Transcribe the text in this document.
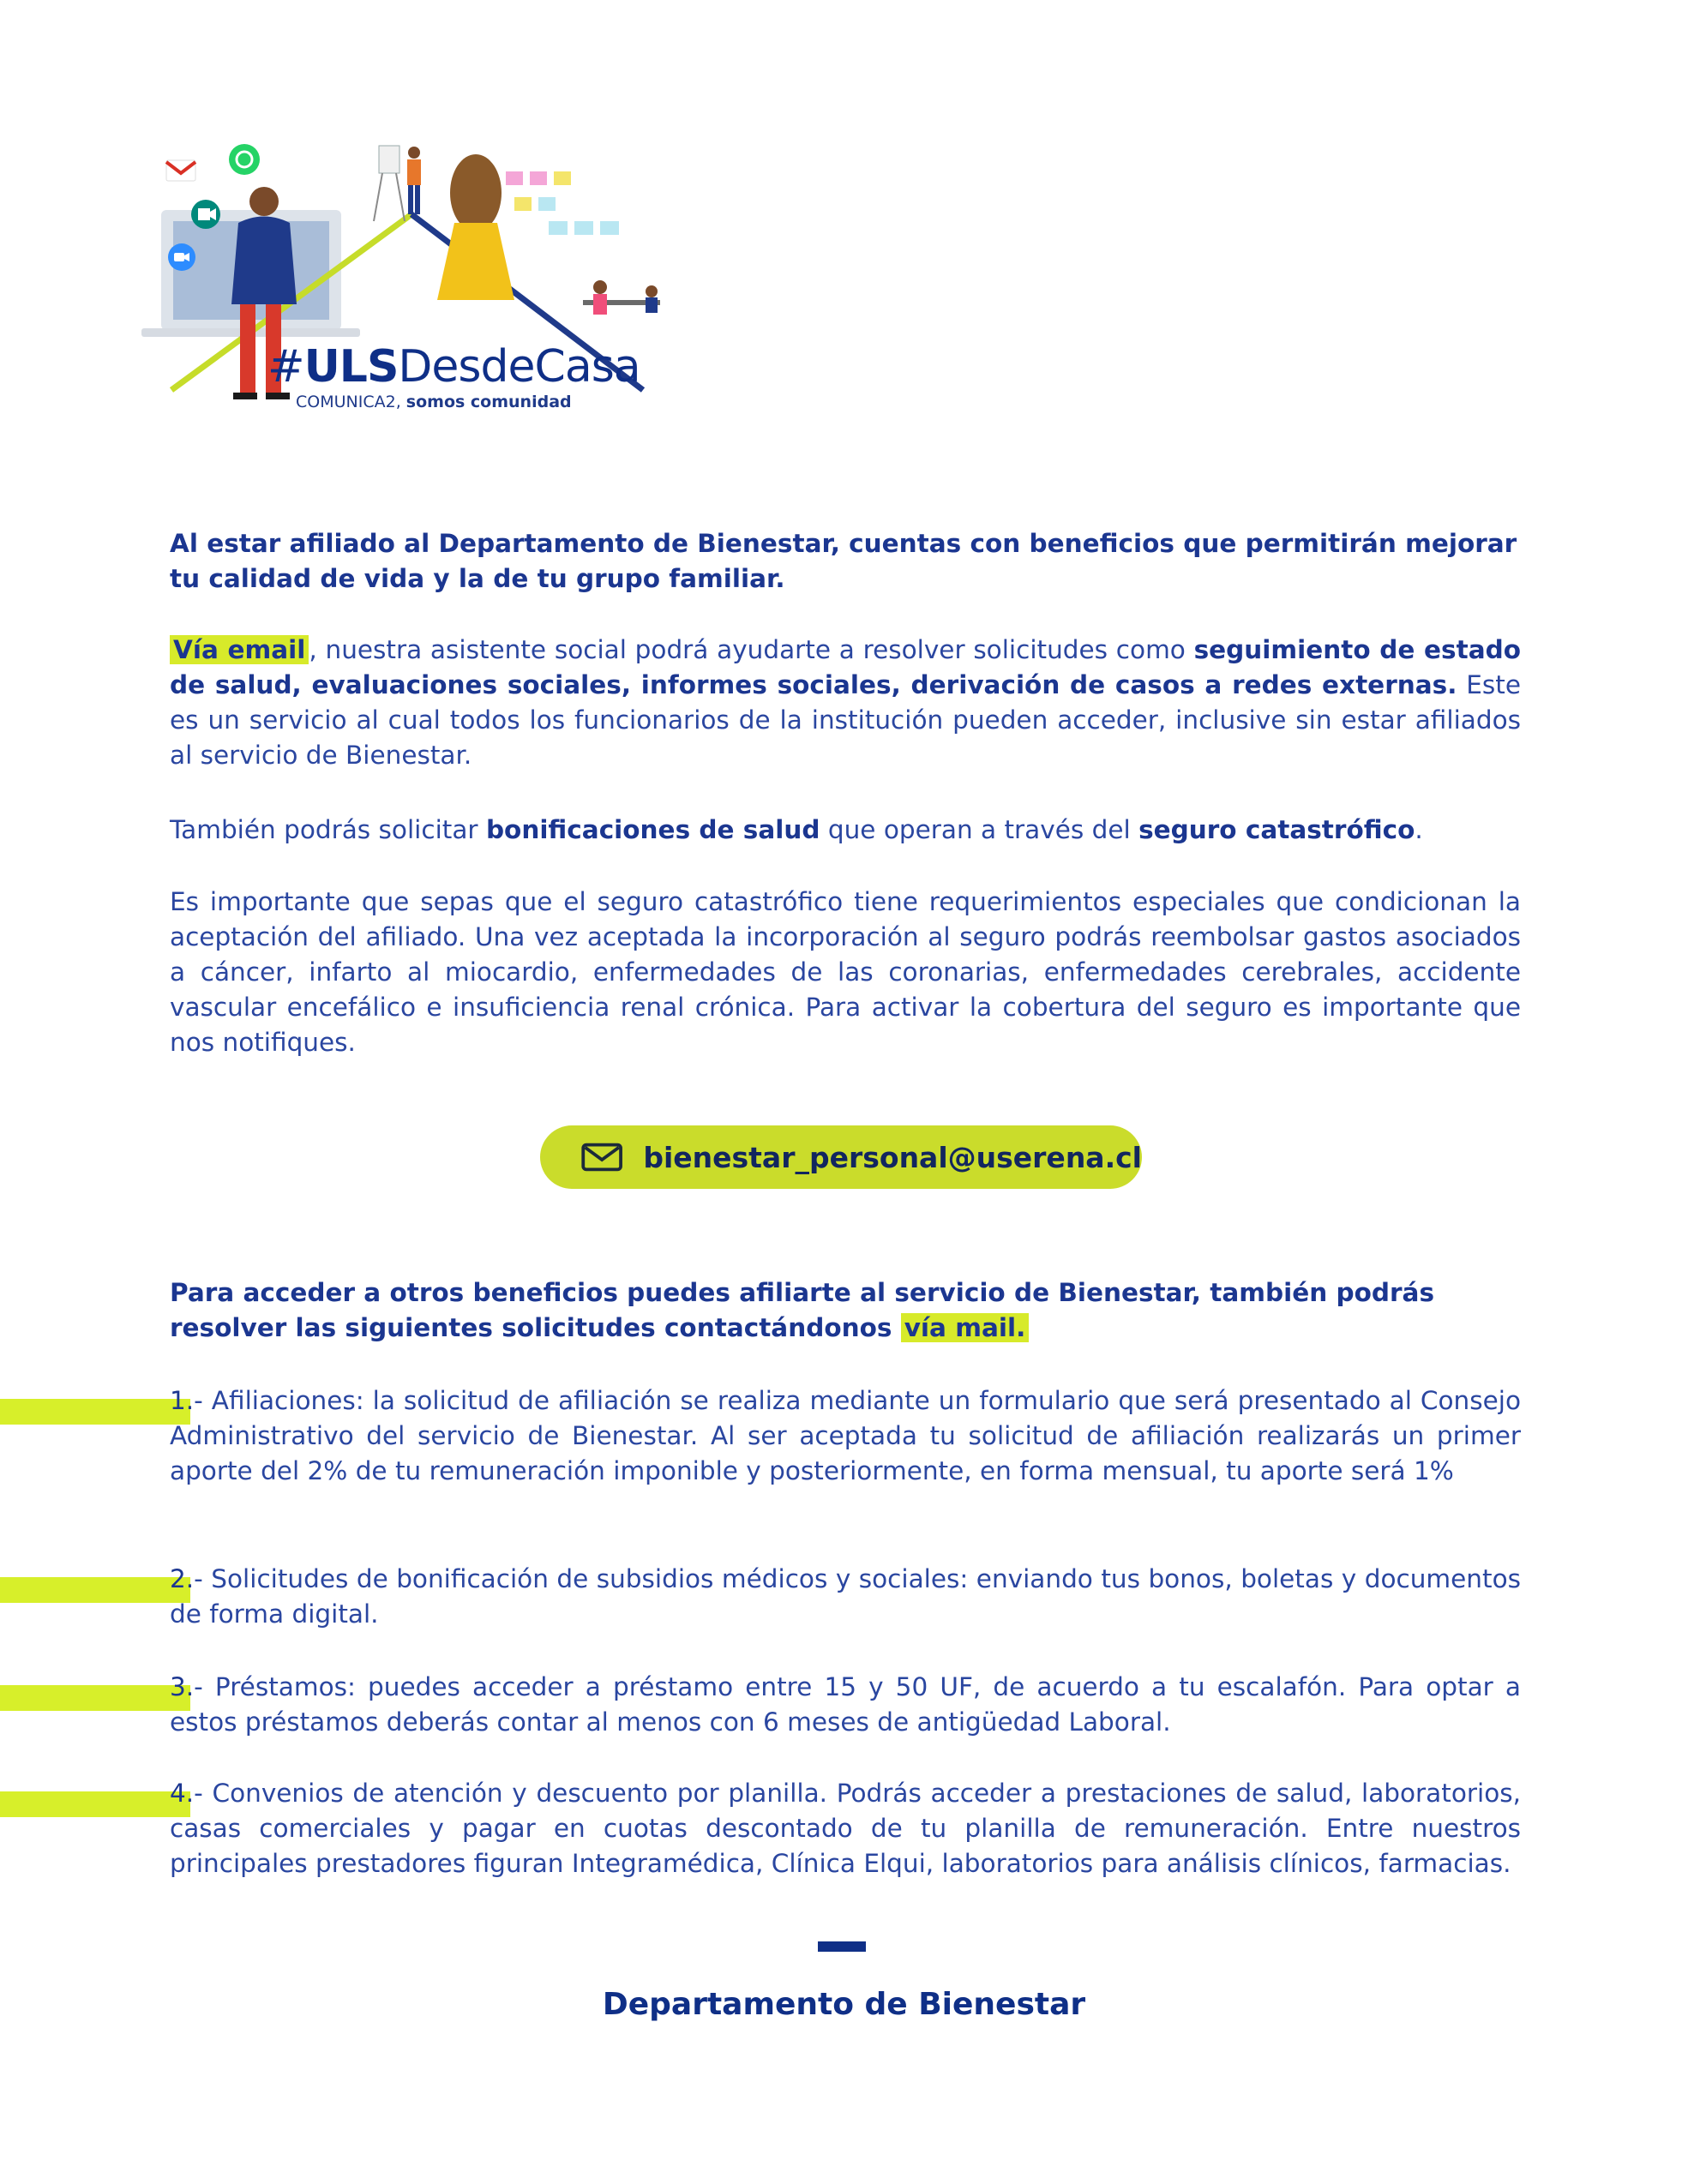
#ULSDesdeCasa
COMUNICA2, somos comunidad

Al estar afiliado al Departamento de Bienestar, cuentas con beneficios que permitirán mejorar tu calidad de vida y la de tu grupo familiar.

Vía email , nuestra asistente social podrá ayudarte a resolver solicitudes como seguimiento de estado de salud, evaluaciones sociales, informes sociales, derivación de casos a redes externas. Este es un servicio al cual todos los funcionarios de la institución pueden acceder, inclusive sin estar afiliados al servicio de Bienestar.

También podrás solicitar bonificaciones de salud que operan a través del seguro catastrófico.

Es importante que sepas que el seguro catastrófico tiene requerimientos especiales que condicionan la aceptación del afiliado. Una vez aceptada la incorporación al seguro podrás reembolsar gastos asociados a cáncer, infarto al miocardio, enfermedades de las coronarias, enfermedades cerebrales, accidente vascular encefálico e insuficiencia renal crónica. Para activar la cobertura del seguro es importante que nos notifiques.

bienestar_personal@userena.cl

Para acceder a otros beneficios puedes afiliarte al servicio de Bienestar, también podrás resolver las siguientes solicitudes contactándonos vía mail.

1.- Afiliaciones: la solicitud de afiliación se realiza mediante un formulario que será presentado al Consejo Administrativo del servicio de Bienestar. Al ser aceptada tu solicitud de afiliación realizarás un primer aporte del 2% de tu remuneración imponible y posteriormente, en forma mensual, tu aporte será 1%

2.- Solicitudes de bonificación de subsidios médicos y sociales: enviando tus bonos, boletas y documentos de forma digital.

3.- Préstamos: puedes acceder a préstamo entre 15 y 50 UF, de acuerdo a tu escalafón. Para optar a estos préstamos deberás contar al menos con 6 meses de antigüedad Laboral.

4.- Convenios de atención y descuento por planilla. Podrás acceder a prestaciones de salud, laboratorios, casas comerciales y pagar en cuotas descontado de tu planilla de remuneración. Entre nuestros principales prestadores figuran Integramédica, Clínica Elqui, laboratorios para análisis clínicos, farmacias.

Departamento de Bienestar
